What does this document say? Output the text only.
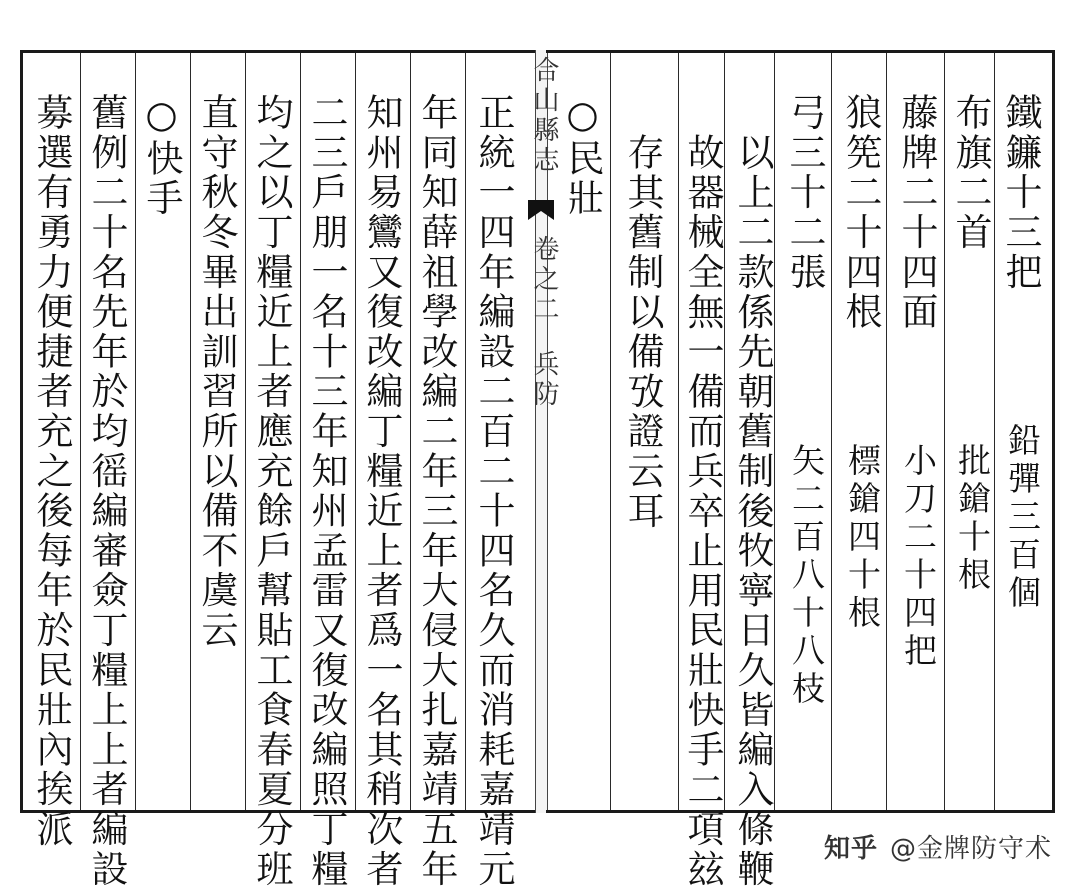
募選有勇力便捷者充之後每年於民壯內挨派 舊例二十名先年於均徭編審僉丁糧上上者編設 ○快手 直守秋冬畢出訓習所以備不虞云 均之以丁糧近上者應充餘戶幫貼工食春夏分班 二三戶朋一名十三年知州孟雷又復改編照丁糧 知州易鸞又復改編丁糧近上者爲一名其稍次者 年同知薛祖學改編二年三年大侵大扎嘉靖五年 正統一四年編設二百二十四名久而消耗嘉靖元 合山縣志
卷之二
兵防
○民壯 存其舊制以備攷證云耳 故器械全無一備而兵卒止用民壯快手二項玆 以上二款係先朝舊制後牧寧日久皆編入條鞭 弓三十二張
矢二百八十八枝
狼筅二十四根
標鎗四十根
藤牌二十四面
小刀二十四把
布旗二首
批鎗十根
鐵鐮十三把
鉛彈三百個
知乎 @金牌防守术
